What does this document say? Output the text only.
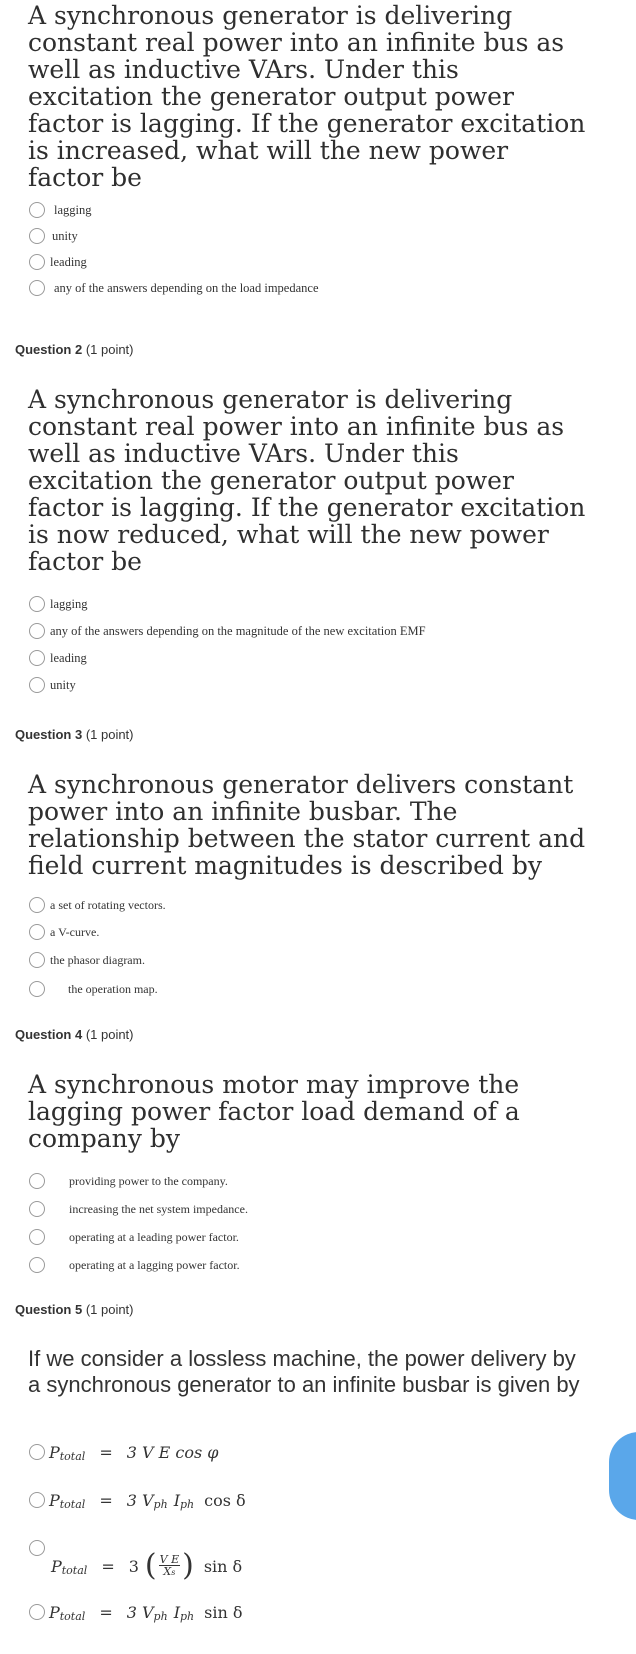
A synchronous generator is delivering constant real power into an infinite bus as well as inductive VArs. Under this excitation the generator output power factor is lagging. If the generator excitation is increased, what will the new power factor be

lagging
unity
leading
any of the answers depending on the load impedance
Question 2 (1 point)

A synchronous generator is delivering constant real power into an infinite bus as well as inductive VArs. Under this excitation the generator output power factor is lagging. If the generator excitation is now reduced, what will the new power factor be

lagging
any of the answers depending on the magnitude of the new excitation EMF
leading
unity
Question 3 (1 point)

A synchronous generator delivers constant power into an infinite busbar. The relationship between the stator current and field current magnitudes is described by

a set of rotating vectors.
a V-curve.
the phasor diagram.
the operation map.
Question 4 (1 point)

A synchronous motor may improve the lagging power factor load demand of a company by

providing power to the company.
increasing the net system impedance.
operating at a leading power factor.
operating at a lagging power factor.
Question 5 (1 point)

If we consider a lossless machine, the power delivery by a synchronous generator to an infinite busbar is given by

P total = 3 V E cos φ
P total = 3 V ph I ph cos δ
P total = 3 ( $\frac{\text{V E}}{Xs}$ ) sin δ
P total = 3 V ph I ph sin δ
